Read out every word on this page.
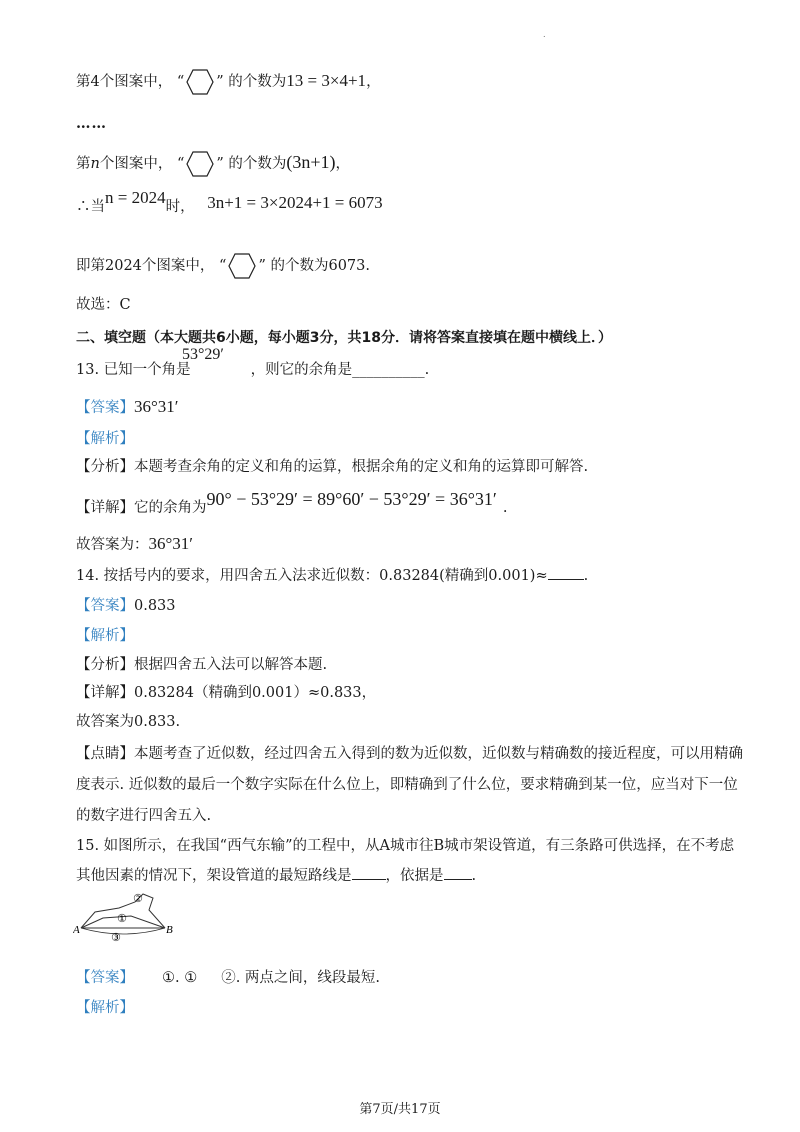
.
第4个图案中， “ ” 的个数为13 = 3×4+1，
……
第n个图案中， “ ” 的个数为(3n+1)，
∴当n = 2024时， 3n+1 = 3×2024+1 = 6073
即第2024个图案中， “ ” 的个数为6073.
故选：C
二、填空题（本大题共6小题，每小题3分，共18分．请将答案直接填在题中横线上．）
53°29′
13. 已知一个角是	，则它的余角是__________.
【答案】36°31′
【解析】
【分析】本题考查余角的定义和角的运算，根据余角的定义和角的运算即可解答.
【详解】它的余角为90° − 53°29′ = 89°60′ − 53°29′ = 36°31′ .
故答案为：36°31′
14. 按括号内的要求，用四舍五入法求近似数：0.83284(精确到0.001)≈ .
【答案】0.833
【解析】
【分析】根据四舍五入法可以解答本题.
【详解】0.83284（精确到0.001）≈0.833，
故答案为0.833.
【点睛】本题考查了近似数，经过四舍五入得到的数为近似数，近似数与精确数的接近程度，可以用精确
度表示. 近似数的最后一个数字实际在什么位上，即精确到了什么位，要求精确到某一位，应当对下一位
的数字进行四舍五入.
15. 如图所示，在我国“西气东输”的工程中，从A城市往B城市架设管道，有三条路可供选择，在不考虑
其他因素的情况下，架设管道的最短路线是 ，依据是 .
A	B
①
②
③
【答案】 ①. ① ②. 两点之间，线段最短.
【解析】
第7页/共17页
